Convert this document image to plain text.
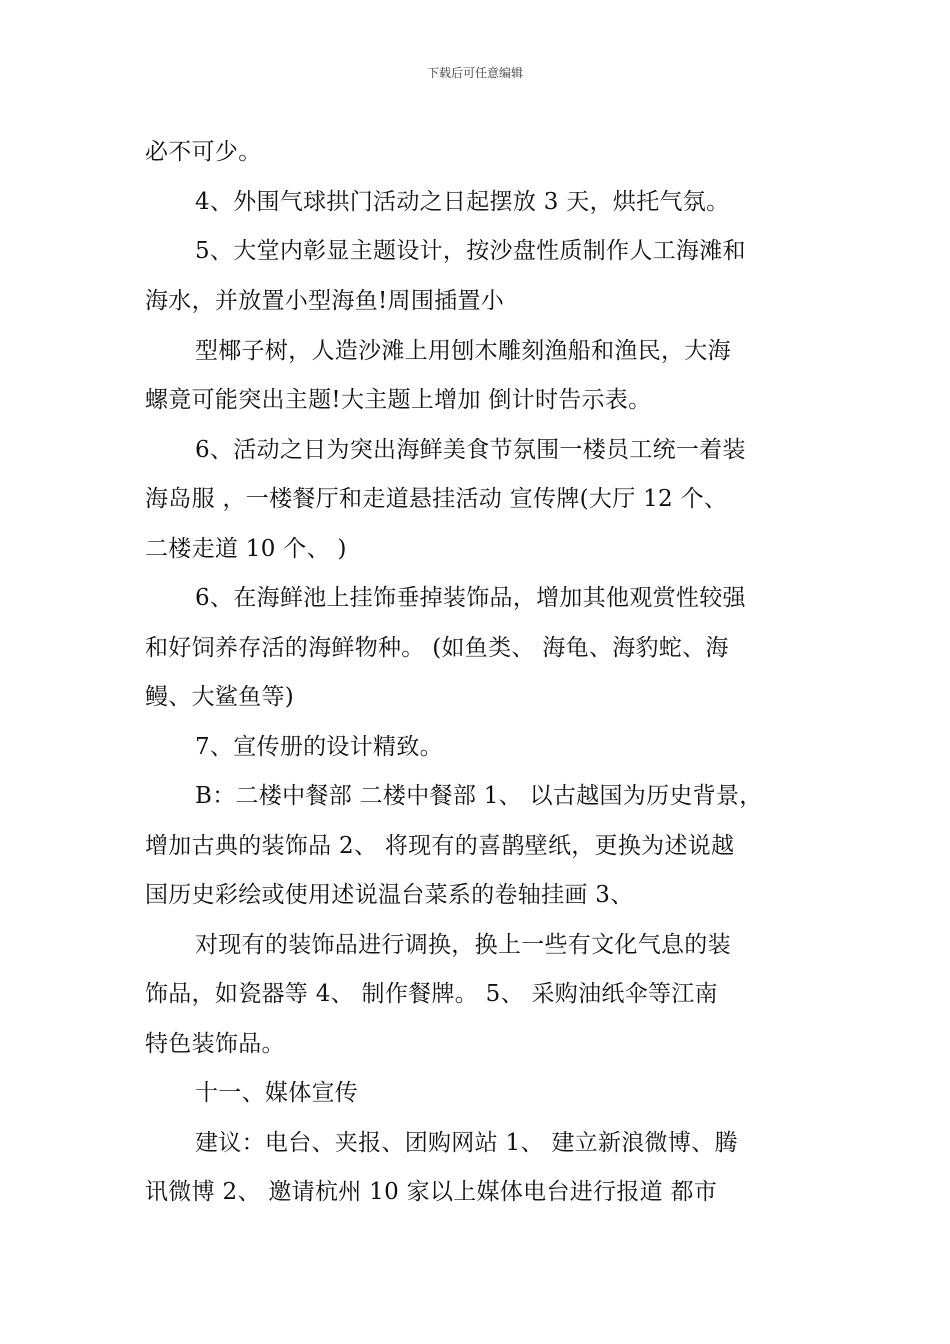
下载后可任意编辑
必不可少。
4、外围气球拱门活动之日起摆放 3 天，烘托气氛。
5、大堂内彰显主题设计，按沙盘性质制作人工海滩和
海水，并放置小型海鱼!周围插置小
型椰子树，人造沙滩上用刨木雕刻渔船和渔民，大海
螺竟可能突出主题!大主题上增加 倒计时告示表。
6、活动之日为突出海鲜美食节氛围一楼员工统一着装
海岛服 ，一楼餐厅和走道悬挂活动 宣传牌(大厅 12 个、
二楼走道 10 个、 )
6、在海鲜池上挂饰垂掉装饰品，增加其他观赏性较强
和好饲养存活的海鲜物种。 (如鱼类、 海龟、海豹蛇、海
鳗、大鲨鱼等)
7、宣传册的设计精致。
B：二楼中餐部 二楼中餐部 1、 以古越国为历史背景，
增加古典的装饰品 2、 将现有的喜鹊壁纸，更换为述说越
国历史彩绘或使用述说温台菜系的卷轴挂画 3、
对现有的装饰品进行调换，换上一些有文化气息的装
饰品，如瓷器等 4、 制作餐牌。 5、 采购油纸伞等江南
特色装饰品。
十一、媒体宣传
建议：电台、夹报、团购网站 1、 建立新浪微博、腾
讯微博 2、 邀请杭州 10 家以上媒体电台进行报道 都市
